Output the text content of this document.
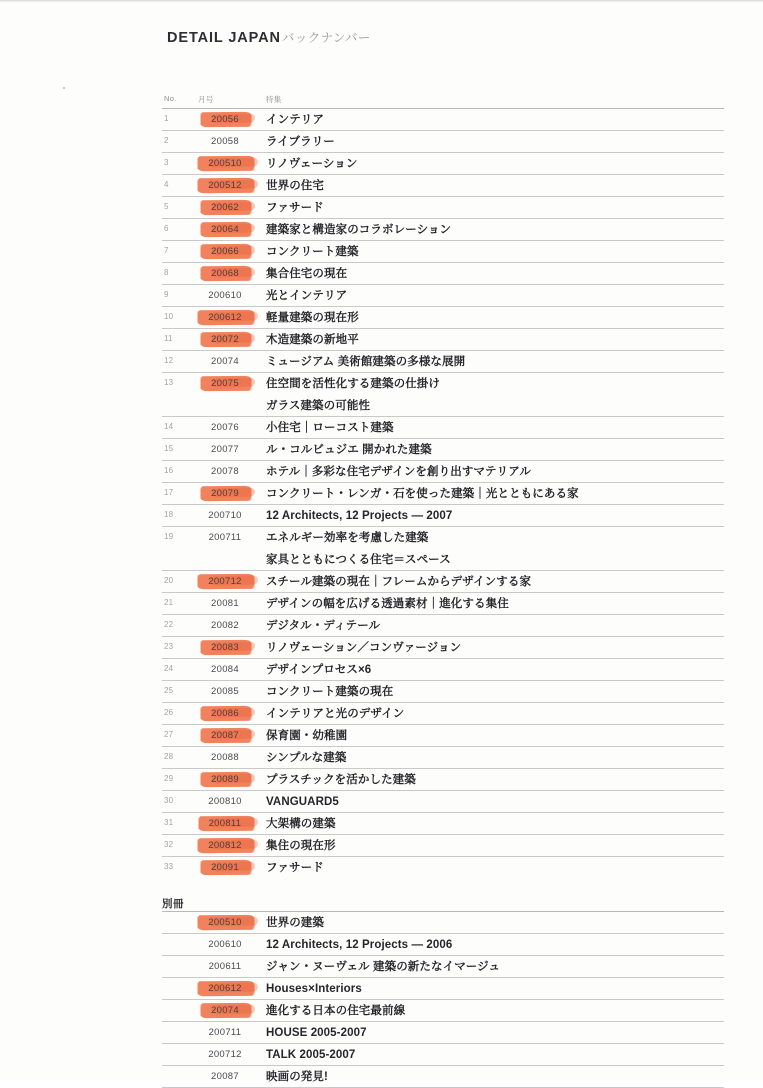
DETAIL JAPANバックナンバー
No.	月号	特集
1	20056	インテリア
2	20058	ライブラリー
3	200510	リノヴェーション
4	200512	世界の住宅
5	20062	ファサード
6	20064	建築家と構造家のコラボレーション
7	20066	コンクリート建築
8	20068	集合住宅の現在
9	200610	光とインテリア
10	200612	軽量建築の現在形
11	20072	木造建築の新地平
12	20074	ミュージアム 美術館建築の多様な展開
13	20075	住空間を活性化する建築の仕掛け
ガラス建築の可能性
14	20076	小住宅｜ローコスト建築
15	20077	ル・コルビュジエ 開かれた建築
16	20078	ホテル｜多彩な住宅デザインを創り出すマテリアル
17	20079	コンクリート・レンガ・石を使った建築｜光とともにある家
18	200710	12 Architects, 12 Projects — 2007
19	200711	エネルギー効率を考慮した建築
家具とともにつくる住宅＝スペース
20	200712	スチール建築の現在｜フレームからデザインする家
21	20081	デザインの幅を広げる透過素材｜進化する集住
22	20082	デジタル・ディテール
23	20083	リノヴェーション／コンヴァージョン
24	20084	デザインプロセス×6
25	20085	コンクリート建築の現在
26	20086	インテリアと光のデザイン
27	20087	保育園・幼稚園
28	20088	シンプルな建築
29	20089	プラスチックを活かした建築
30	200810	VANGUARD5
31	200811	大架構の建築
32	200812	集住の現在形
33	20091	ファサード
別冊
200510	世界の建築
200610	12 Architects, 12 Projects — 2006
200611	ジャン・ヌーヴェル 建築の新たなイマージュ
200612	Houses×Interiors
20074	進化する日本の住宅最前線
200711	HOUSE 2005-2007
200712	TALK 2005-2007
20087	映画の発見!
